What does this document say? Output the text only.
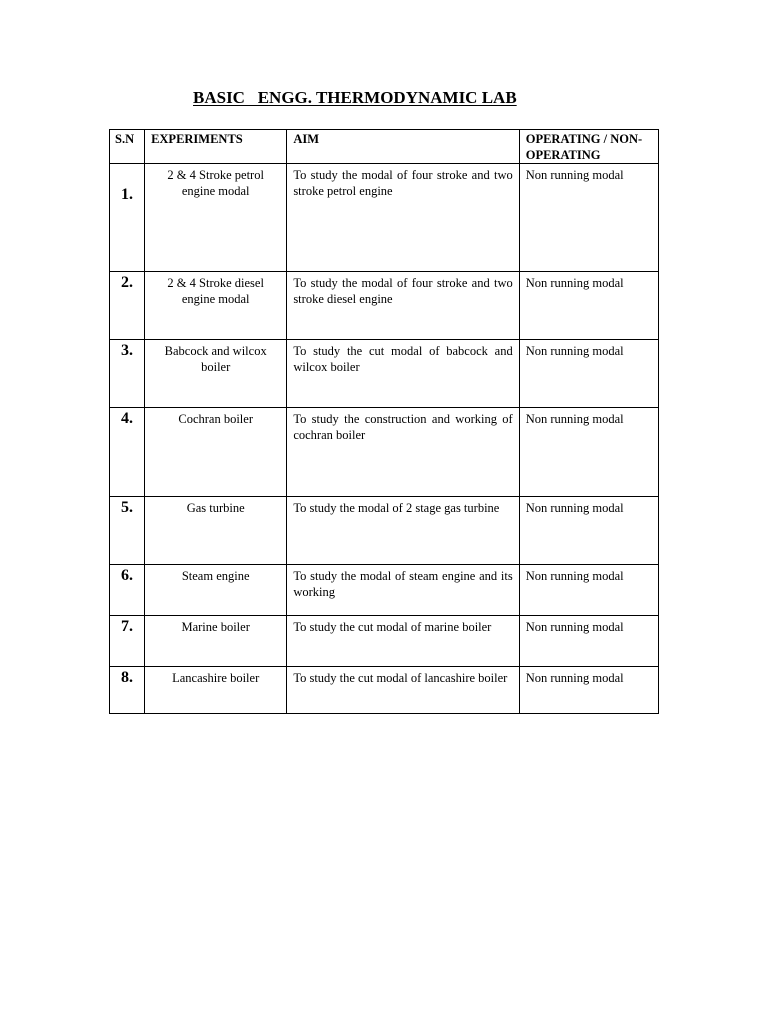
BASIC   ENGG. THERMODYNAMIC LAB
S.N	EXPERIMENTS	AIM	OPERATING / NON-OPERATING
1.	2 & 4 Stroke petrol engine modal	To study the modal of four stroke and two stroke petrol engine	Non running modal
2.	2 & 4 Stroke diesel engine modal	To study the modal of four stroke and two stroke diesel engine	Non running modal
3.	Babcock and wilcox boiler	To study the cut modal of babcock and wilcox boiler	Non running modal
4.	Cochran boiler	To study the construction and working of cochran boiler	Non running modal
5.	Gas turbine	To study the modal of 2 stage gas turbine	Non running modal
6.	Steam engine	To study the modal of steam engine and its working	Non running modal
7.	Marine boiler	To study the cut modal of marine boiler	Non running modal
8.	Lancashire boiler	To study the cut modal of lancashire boiler	Non running modal
